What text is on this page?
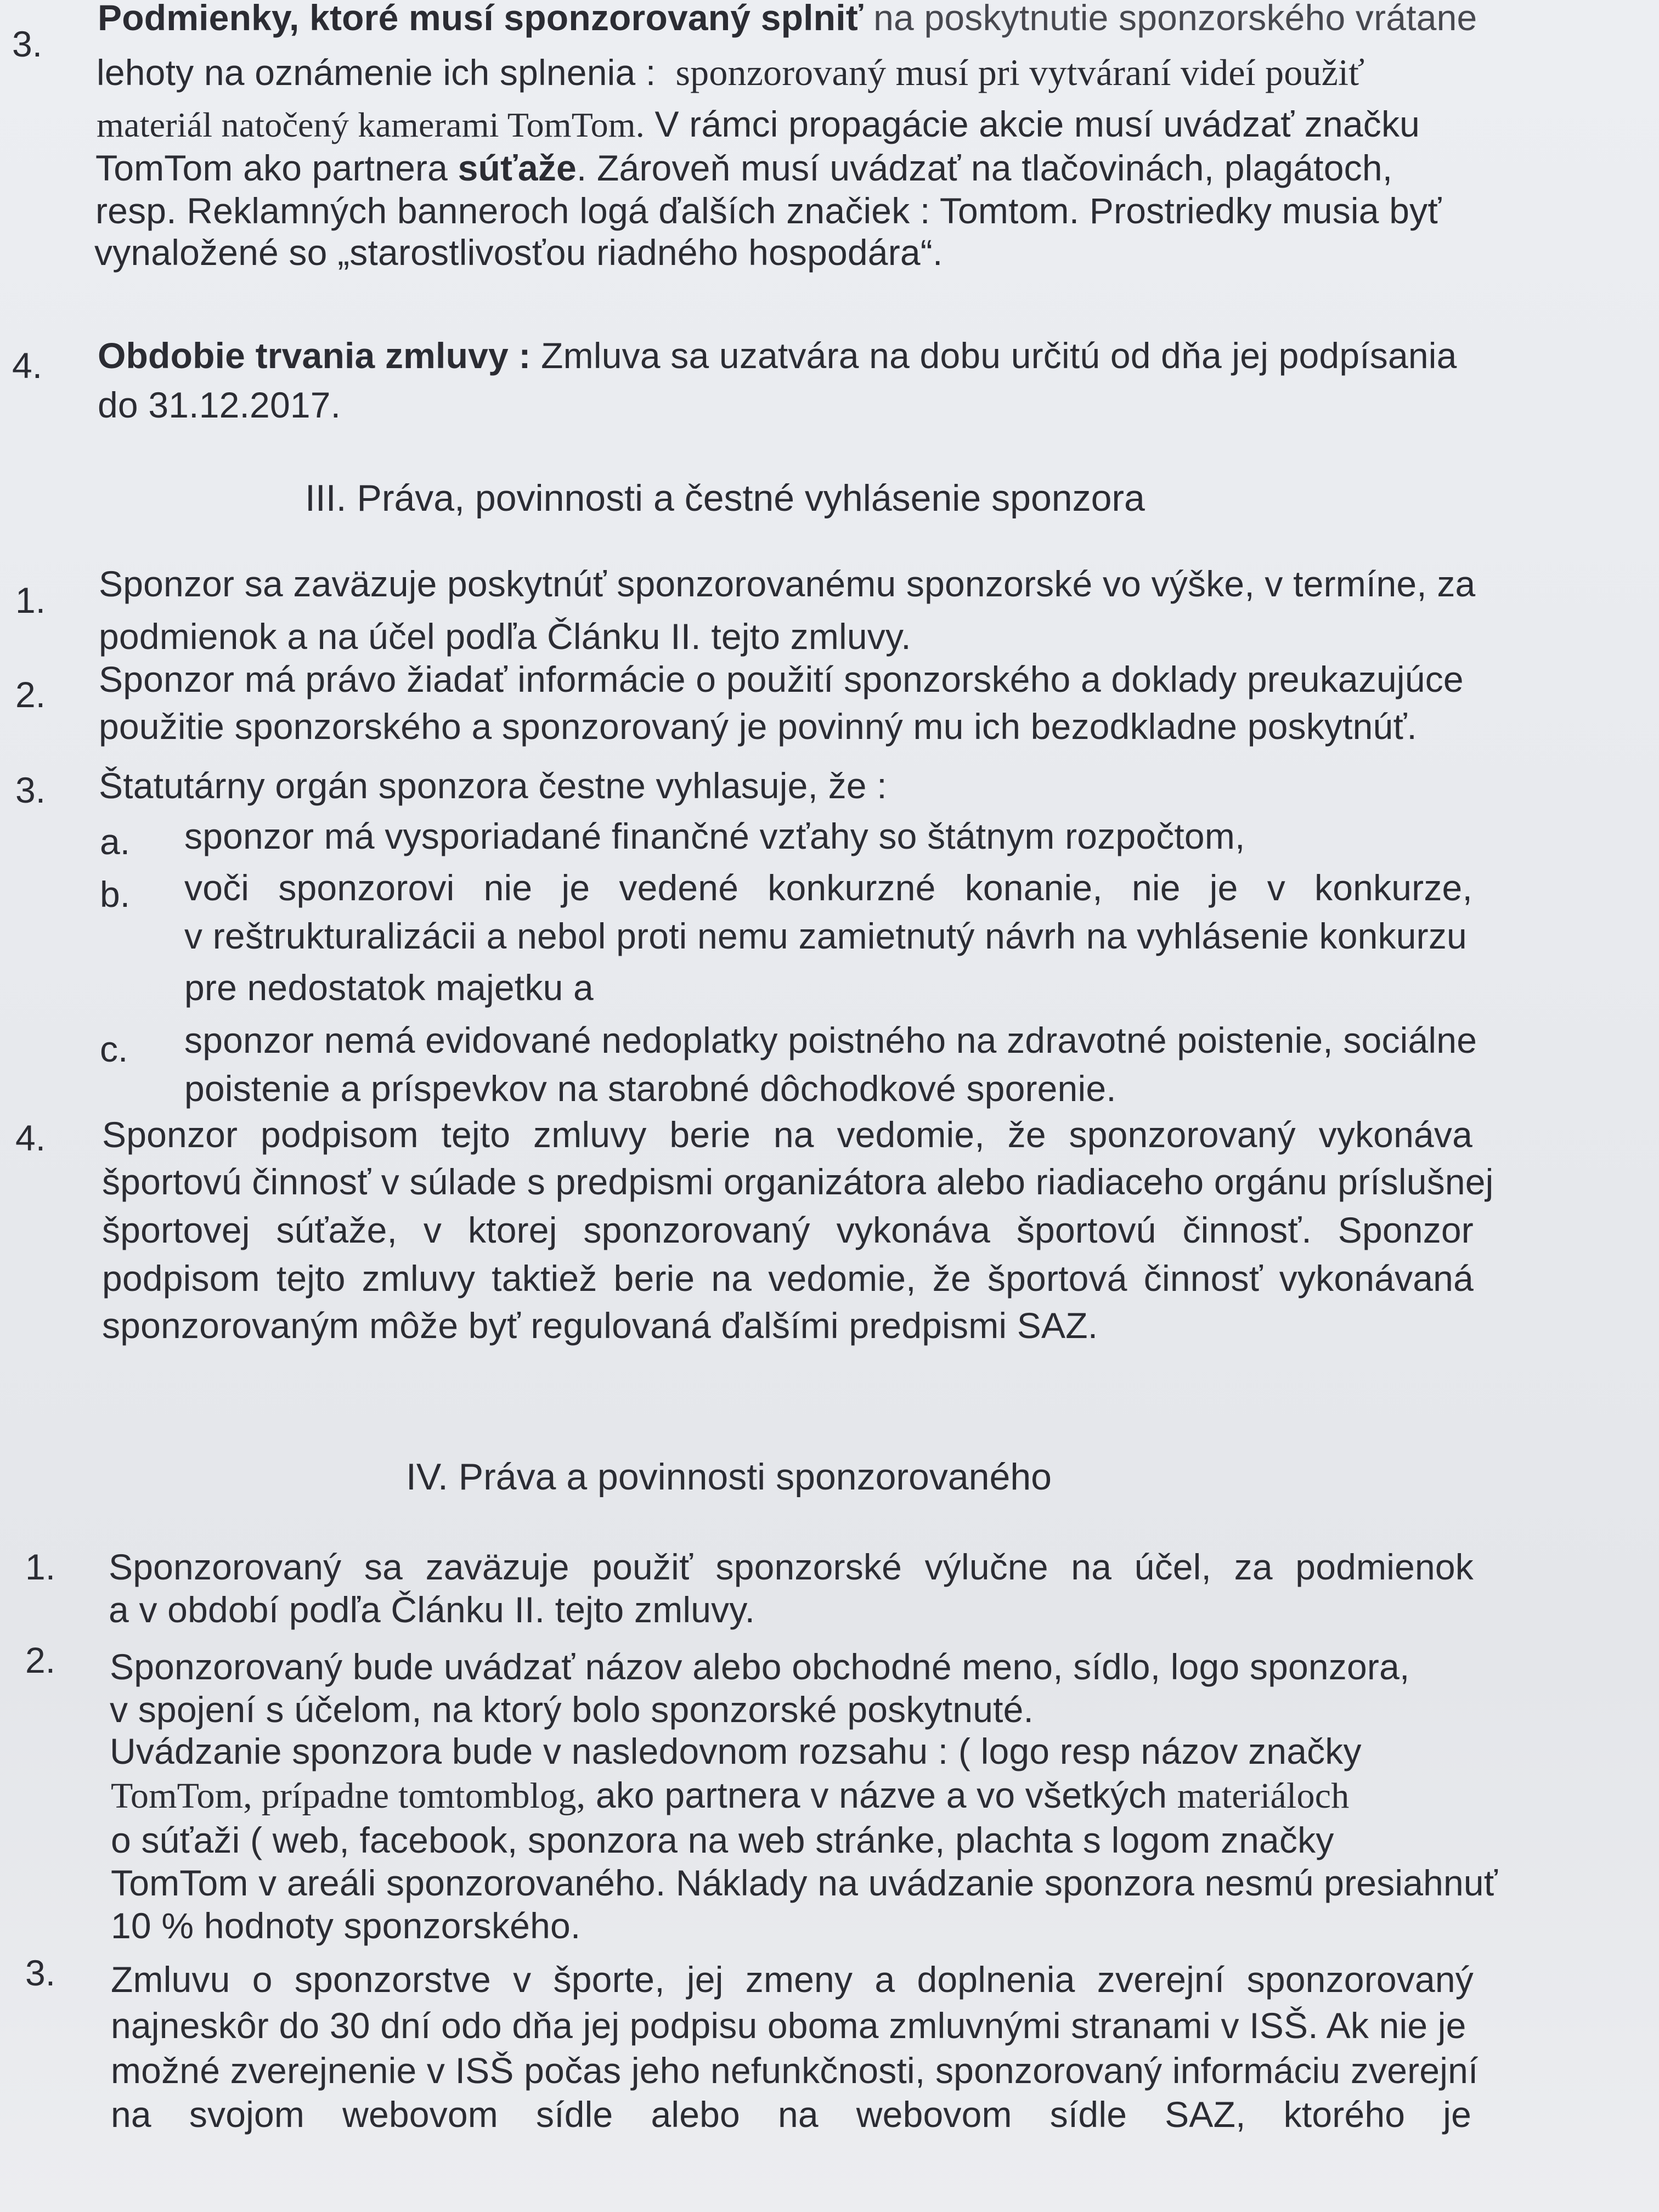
3.

Podmienky, ktoré musí sponzorovaný splniť na poskytnutie sponzorského vrátane

lehoty na oznámenie ich splnenia : sponzorovaný musí pri vytváraní videí použiť

materiál natočený kamerami TomTom. V rámci propagácie akcie musí uvádzať značku

TomTom ako partnera súťaže. Zároveň musí uvádzať na tlačovinách, plagátoch,

resp. Reklamných banneroch logá ďalších značiek : Tomtom. Prostriedky musia byť

vynaložené so „starostlivosťou riadného hospodára“.

4. Obdobie trvania zmluvy : Zmluva sa uzatvára na dobu určitú od dňa jej podpísania

do 31.12.2017.

III. Práva, povinnosti a čestné vyhlásenie sponzora
1. Sponzor sa zaväzuje poskytnúť sponzorovanému sponzorské vo výške, v termíne, za

podmienok a na účel podľa Článku II. tejto zmluvy.

2. Sponzor má právo žiadať informácie o použití sponzorského a doklady preukazujúce

použitie sponzorského a sponzorovaný je povinný mu ich bezodkladne poskytnúť.

3. Štatutárny orgán sponzora čestne vyhlasuje, že :

a. sponzor má vysporiadané finančné vzťahy so štátnym rozpočtom,

b. voči sponzorovi nie je vedené konkurzné konanie, nie je v konkurze,

v reštrukturalizácii a nebol proti nemu zamietnutý návrh na vyhlásenie konkurzu

pre nedostatok majetku a

c. sponzor nemá evidované nedoplatky poistného na zdravotné poistenie, sociálne

poistenie a príspevkov na starobné dôchodkové sporenie.

4. Sponzor podpisom tejto zmluvy berie na vedomie, že sponzorovaný vykonáva

športovú činnosť v súlade s predpismi organizátora alebo riadiaceho orgánu príslušnej

športovej súťaže, v ktorej sponzorovaný vykonáva športovú činnosť. Sponzor

podpisom tejto zmluvy taktiež berie na vedomie, že športová činnosť vykonávaná

sponzorovaným môže byť regulovaná ďalšími predpismi SAZ.

IV. Práva a povinnosti sponzorovaného
1. Sponzorovaný sa zaväzuje použiť sponzorské výlučne na účel, za podmienok

a v období podľa Článku II. tejto zmluvy.

2. Sponzorovaný bude uvádzať názov alebo obchodné meno, sídlo, logo sponzora,

v spojení s účelom, na ktorý bolo sponzorské poskytnuté.

Uvádzanie sponzora bude v nasledovnom rozsahu : ( logo resp názov značky

TomTom, prípadne tomtomblog, ako partnera v názve a vo všetkých materiáloch

o súťaži ( web, facebook, sponzora na web stránke, plachta s logom značky

TomTom v areáli sponzorovaného. Náklady na uvádzanie sponzora nesmú presiahnuť

10 % hodnoty sponzorského.

3. Zmluvu o sponzorstve v športe, jej zmeny a doplnenia zverejní sponzorovaný

najneskôr do 30 dní odo dňa jej podpisu oboma zmluvnými stranami v ISŠ. Ak nie je

možné zverejnenie v ISŠ počas jeho nefunkčnosti, sponzorovaný informáciu zverejní

na svojom webovom sídle alebo na webovom sídle SAZ, ktorého je
